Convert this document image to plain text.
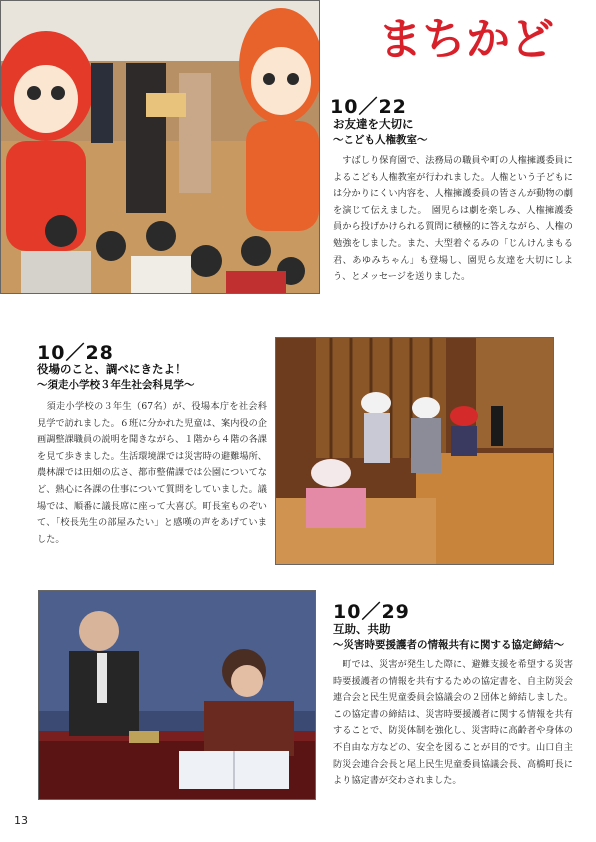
まちかど
10／22
お友達を大切に
～こども人権教室～
　すばしり保育園で、法務局の職員や町の人権擁護委員によるこども人権教室が行われました。人権という子どもには分かりにくい内容を、人権擁護委員の皆さんが動物の劇を演じて伝えました。　園児らは劇を楽しみ、人権擁護委員から投げかけられる質問に積極的に答えながら、人権の勉強をしました。また、大型着ぐるみの「じんけんまもる君、あゆみちゃん」も登場し、園児ら友達を大切にしよう、とメッセージを送りました。
10／28
役場のこと、調べにきたよ！
～須走小学校３年生社会科見学～
　須走小学校の３年生（67名）が、役場本庁を社会科見学で訪れました。６班に分かれた児童は、案内役の企画調整課職員の説明を聞きながら、１階から４階の各課を見て歩きました。生活環境課では災害時の避難場所、農林課では田畑の広さ、都市整備課では公園についてなど、熱心に各課の仕事について質問をしていました。議場では、順番に議長席に座って大喜び。町長室ものぞいて、「校長先生の部屋みたい」と感嘆の声をあげていました。
10／29
互助、共助
～災害時要援護者の情報共有に関する協定締結～
　町では、災害が発生した際に、避難支援を希望する災害時要援護者の情報を共有するための協定書を、自主防災会連合会と民生児童委員会協議会の２団体と締結しました。この協定書の締結は、災害時要援護者に関する情報を共有することで、防災体制を強化し、災害時に高齢者や身体の不自由な方などの、安全を図ることが目的です。山口自主防災会連合会長と尾上民生児童委員協議会長、高橋町長により協定書が交わされました。
13
